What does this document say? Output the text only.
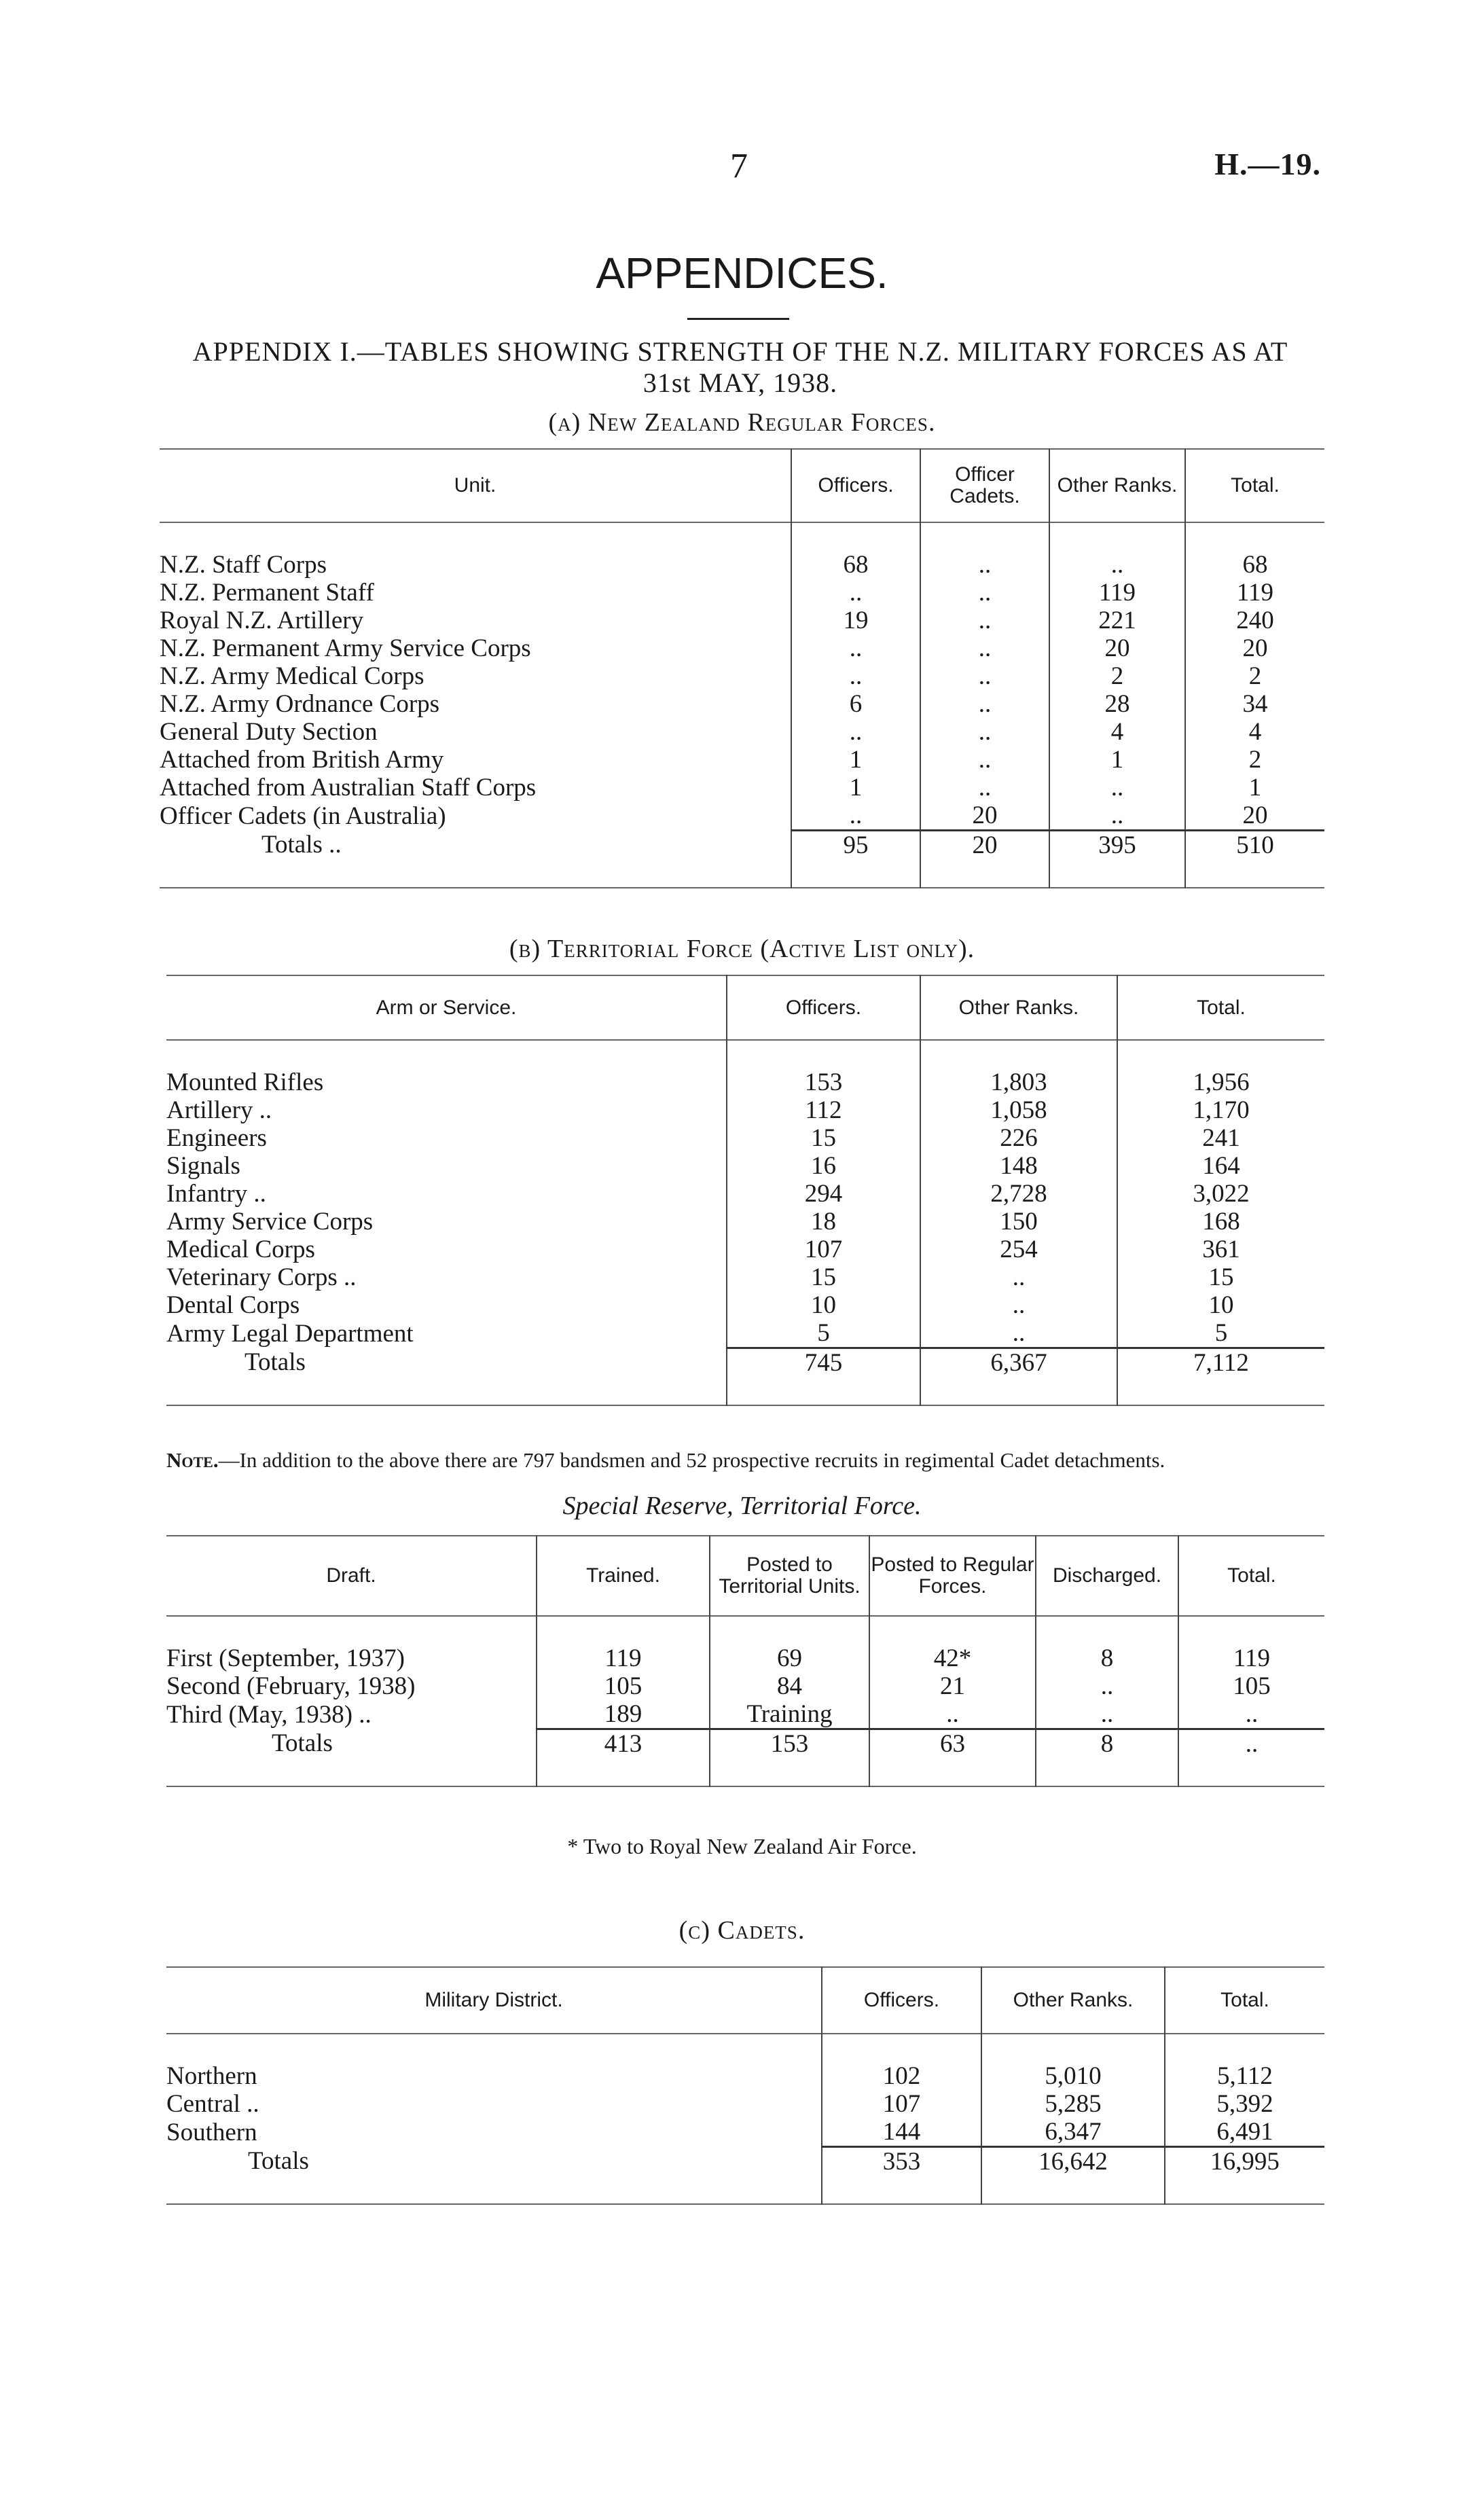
7	H.—19.
APPENDICES.
APPENDIX I.—TABLES SHOWING STRENGTH OF THE N.Z. MILITARY FORCES AS AT
31st MAY, 1938.
(a) New Zealand Regular Forces.
Unit.	Officers.	Officer Cadets.	Other Ranks.	Total.

N.Z. Staff Corps	68	..	..	68
N.Z. Permanent Staff	..	..	119	119
Royal N.Z. Artillery	19	..	221	240
N.Z. Permanent Army Service Corps	..	..	20	20
N.Z. Army Medical Corps	..	..	2	2
N.Z. Army Ordnance Corps	6	..	28	34
General Duty Section	..	..	4	4
Attached from British Army	1	..	1	2
Attached from Australian Staff Corps	1	..	..	1
Officer Cadets (in Australia)	..	20	..	20
Totals ..	95	20	395	510

(b) Territorial Force (Active List only).
Arm or Service.	Officers.	Other Ranks.	Total.

Mounted Rifles	153	1,803	1,956
Artillery ..	112	1,058	1,170
Engineers	15	226	241
Signals	16	148	164
Infantry ..	294	2,728	3,022
Army Service Corps	18	150	168
Medical Corps	107	254	361
Veterinary Corps ..	15	..	15
Dental Corps	10	..	10
Army Legal Department	5	..	5
Totals	745	6,367	7,112

Note.—In addition to the above there are 797 bandsmen and 52 prospective recruits in regimental Cadet detachments.
Special Reserve, Territorial Force.
Draft.	Trained.	Posted to Territorial Units.	Posted to Regular Forces.	Discharged.	Total.

First (September, 1937)	119	69	42*	8	119
Second (February, 1938)	105	84	21	..	105
Third (May, 1938) ..	189	Training	..	..	..
Totals	413	153	63	8	..

* Two to Royal New Zealand Air Force.
(c) Cadets.
Military District.	Officers.	Other Ranks.	Total.

Northern	102	5,010	5,112
Central ..	107	5,285	5,392
Southern	144	6,347	6,491
Totals	353	16,642	16,995
